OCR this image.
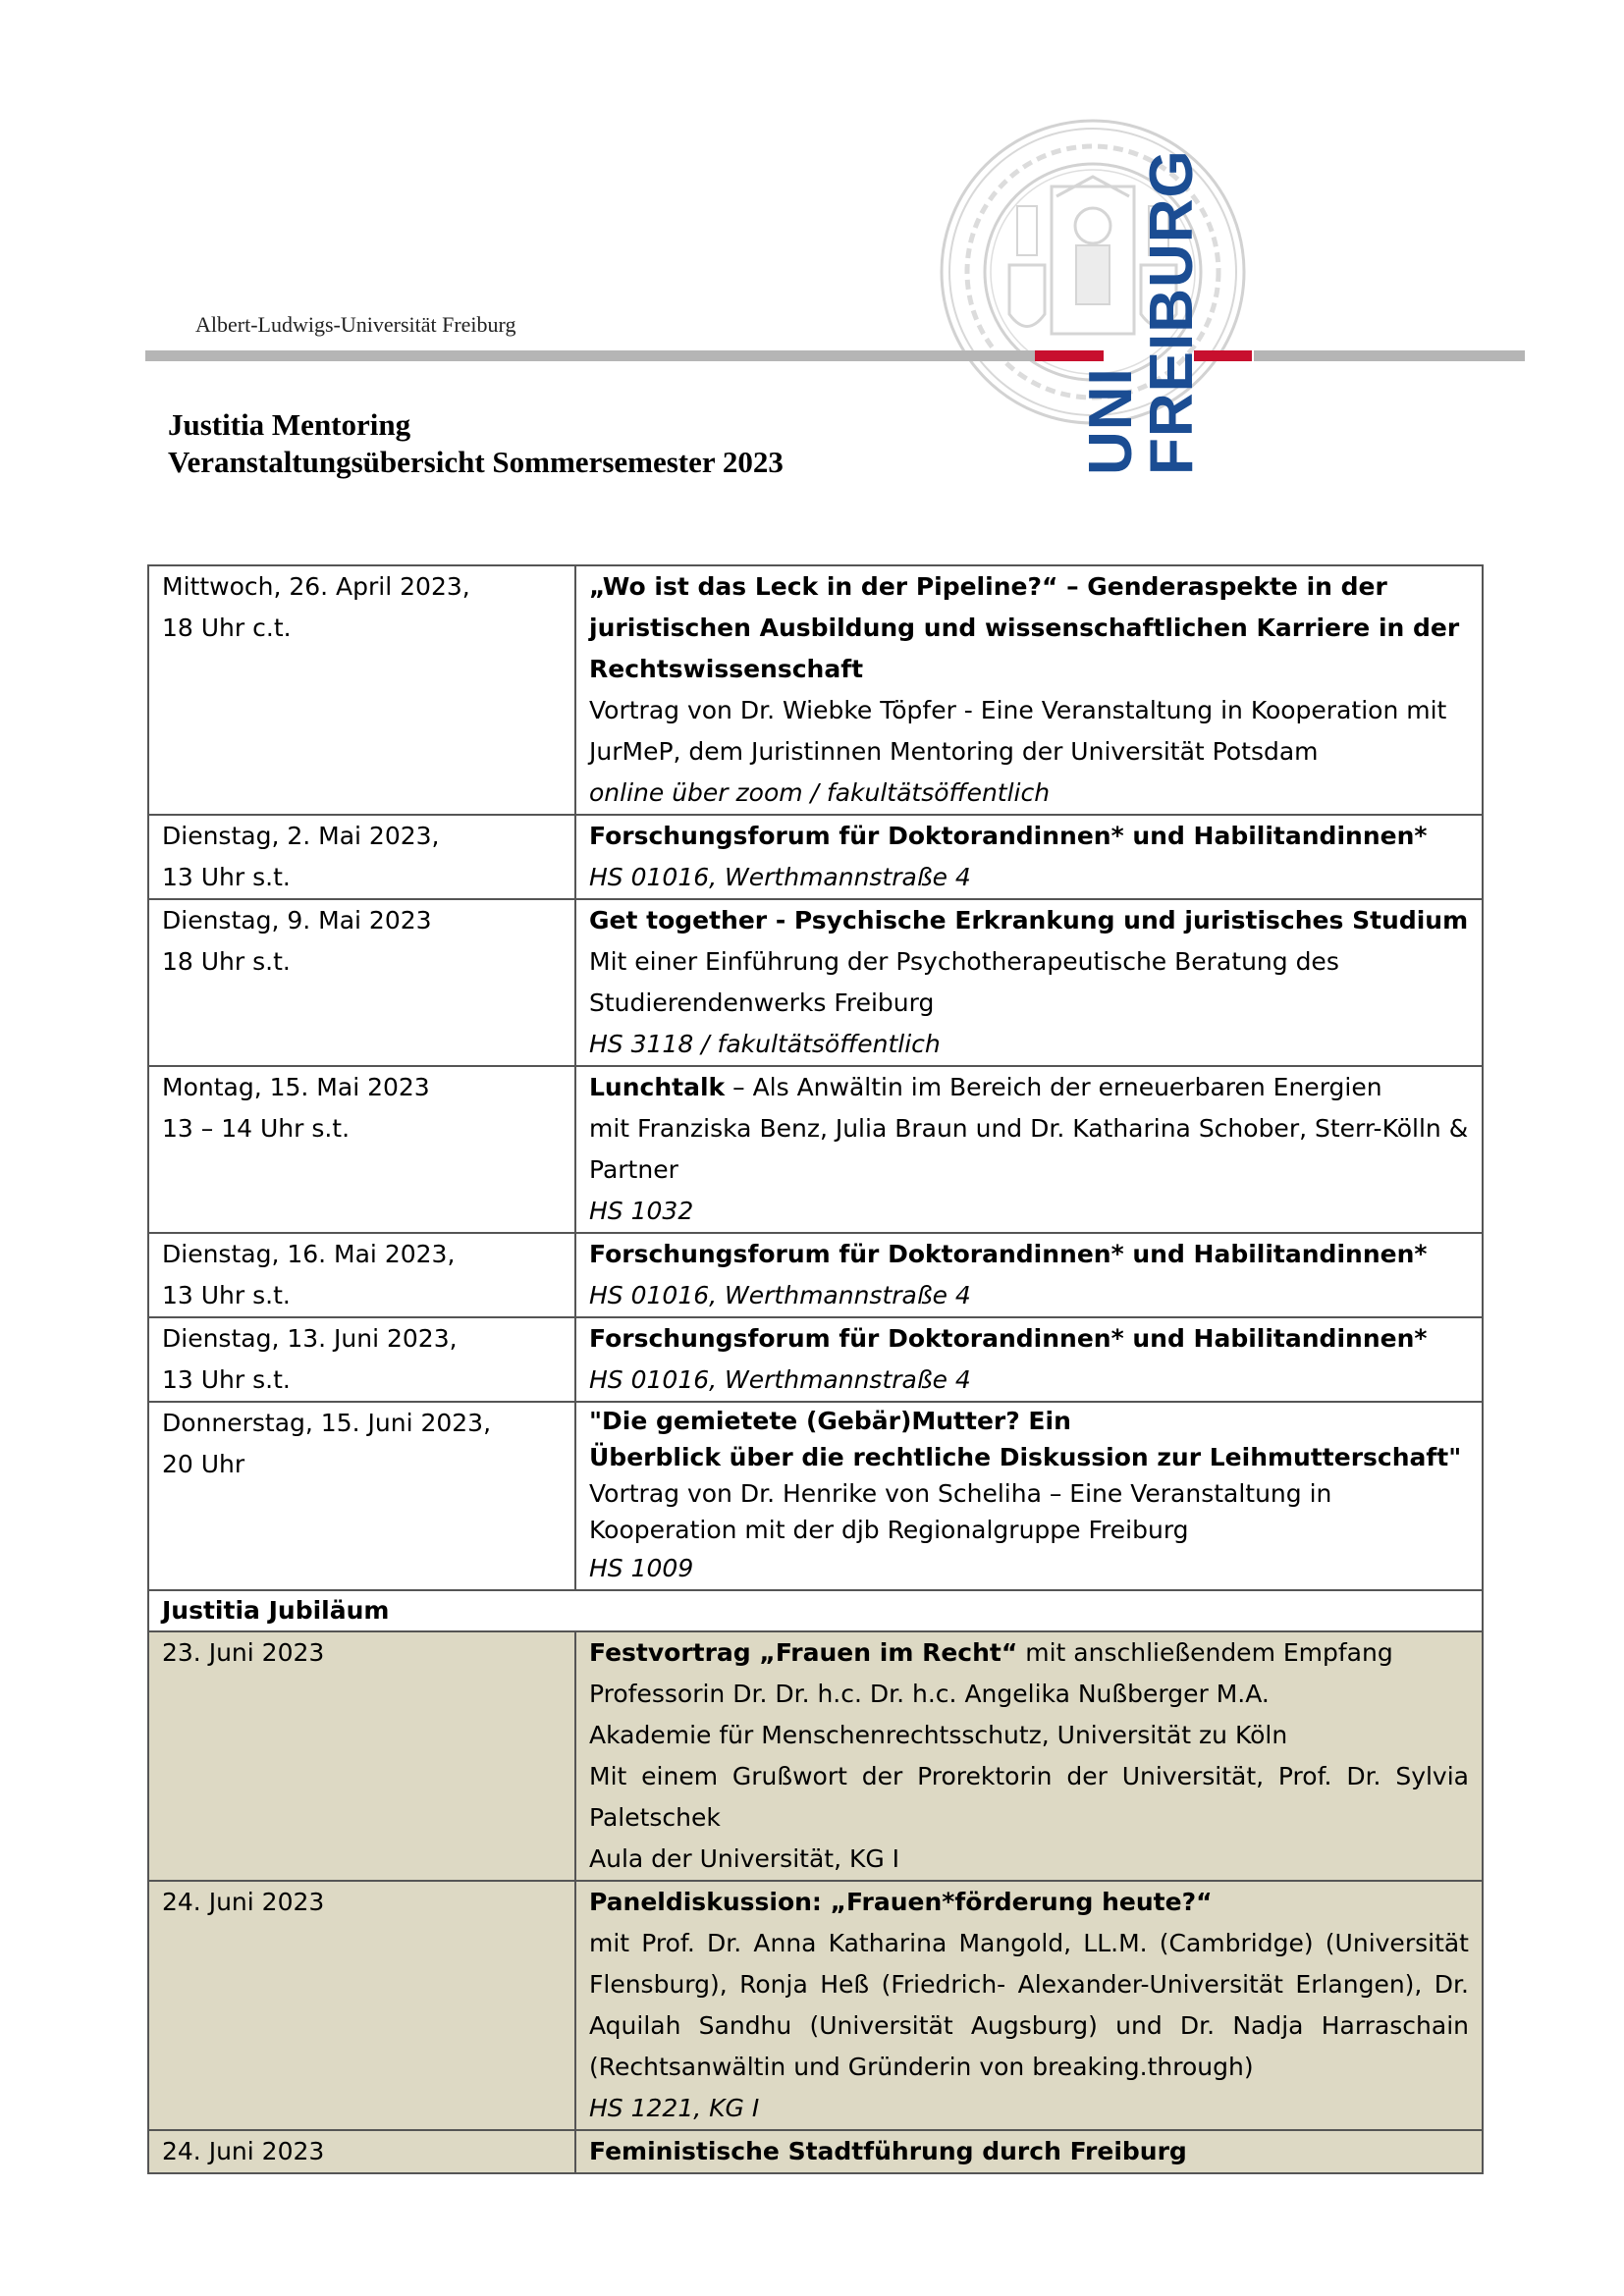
Albert-Ludwigs-Universität Freiburg
UNI
FREIBURG
Justitia Mentoring
Veranstaltungsübersicht Sommersemester 2023
Mittwoch, 26. April 2023,
18 Uhr c.t.	„Wo ist das Leck in der Pipeline?“ – Genderaspekte in der juristischen Ausbildung und wissenschaftlichen Karriere in der Rechtswissenschaft
Vortrag von Dr. Wiebke Töpfer - Eine Veranstaltung in Kooperation mit JurMeP, dem Juristinnen Mentoring der Universität Potsdam
online über zoom / fakultätsöffentlich

Dienstag, 2. Mai 2023,
13 Uhr s.t.	Forschungsforum für Doktorandinnen* und Habilitandinnen*
HS 01016, Werthmannstraße 4

Dienstag, 9. Mai 2023
18 Uhr s.t.	Get together - Psychische Erkrankung und juristisches Studium
Mit einer Einführung der Psychotherapeutische Beratung des Studierendenwerks Freiburg
HS 3118 / fakultätsöffentlich

Montag, 15. Mai 2023
13 – 14 Uhr s.t.	Lunchtalk – Als Anwältin im Bereich der erneuerbaren Energien
mit Franziska Benz, Julia Braun und Dr. Katharina Schober, Sterr-Kölln & Partner
HS 1032

Dienstag, 16. Mai 2023,
13 Uhr s.t.	Forschungsforum für Doktorandinnen* und Habilitandinnen*
HS 01016, Werthmannstraße 4

Dienstag, 13. Juni 2023,
13 Uhr s.t.	Forschungsforum für Doktorandinnen* und Habilitandinnen*
HS 01016, Werthmannstraße 4

Donnerstag, 15. Juni 2023,
20 Uhr	"Die gemietete (Gebär)Mutter? Ein
Überblick über die rechtliche Diskussion zur Leihmutterschaft"
Vortrag von Dr. Henrike von Scheliha – Eine Veranstaltung in Kooperation mit der djb Regionalgruppe Freiburg
HS 1009

Justitia Jubiläum	

23. Juni 2023	Festvortrag „Frauen im Recht“ mit anschließendem Empfang
Professorin Dr. Dr. h.c. Dr. h.c. Angelika Nußberger M.A.
Akademie für Menschenrechtsschutz, Universität zu Köln
Mit einem Grußwort der Prorektorin der Universität, Prof. Dr. Sylvia Paletschek
Aula der Universität, KG I

24. Juni 2023	Paneldiskussion: „Frauen*förderung heute?“
mit Prof. Dr. Anna Katharina Mangold, LL.M. (Cambridge) (Universität Flensburg), Ronja Heß (Friedrich- Alexander-Universität Erlangen), Dr. Aquilah Sandhu (Universität Augsburg) und Dr. Nadja Harraschain (Rechtsanwältin und Gründerin von breaking.through)
HS 1221, KG I

24. Juni 2023	Feministische Stadtführung durch Freiburg
